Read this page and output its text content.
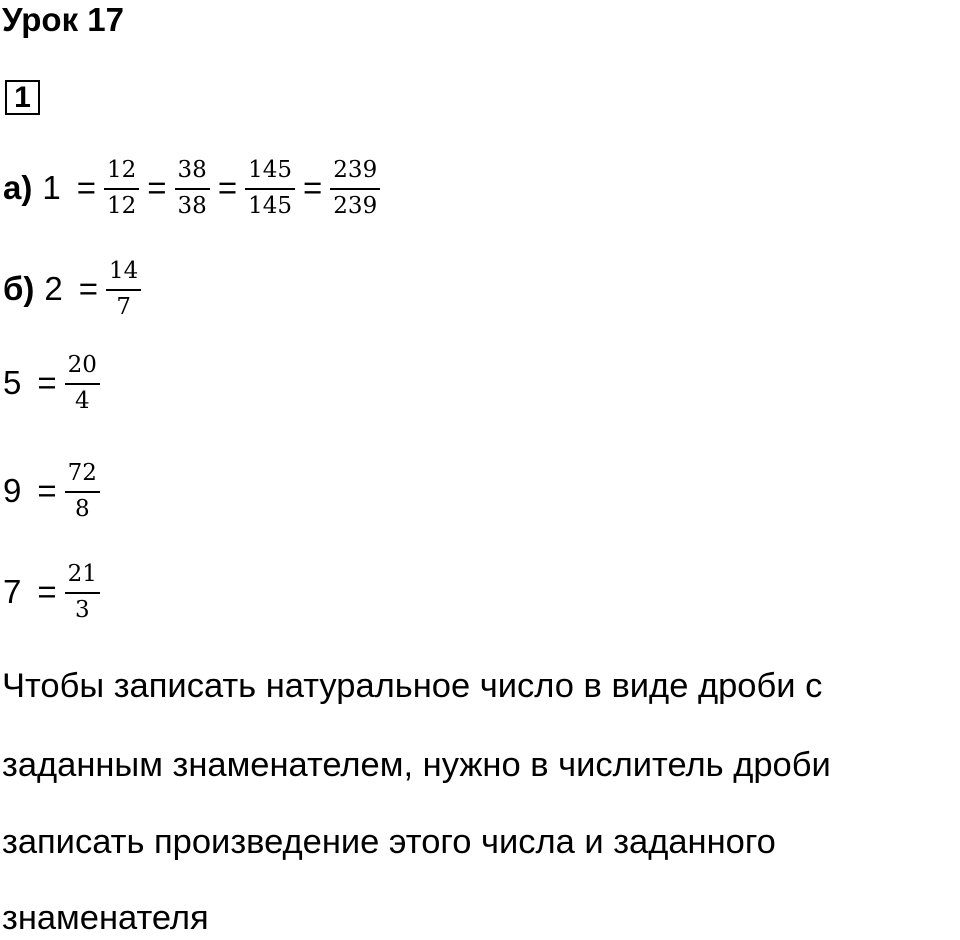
Урок 17
1
а) $1 = \frac{12}{12} = \frac{38}{38} = \frac{145}{145} = \frac{239}{239}$
б) $2 = \frac{14}{7}$
$5 = \frac{20}{4}$
$9 = \frac{72}{8}$
$7 = \frac{21}{3}$
Чтобы записать натуральное число в виде дроби с
заданным знаменателем, нужно в числитель дроби
записать произведение этого числа и заданного
знаменателя
